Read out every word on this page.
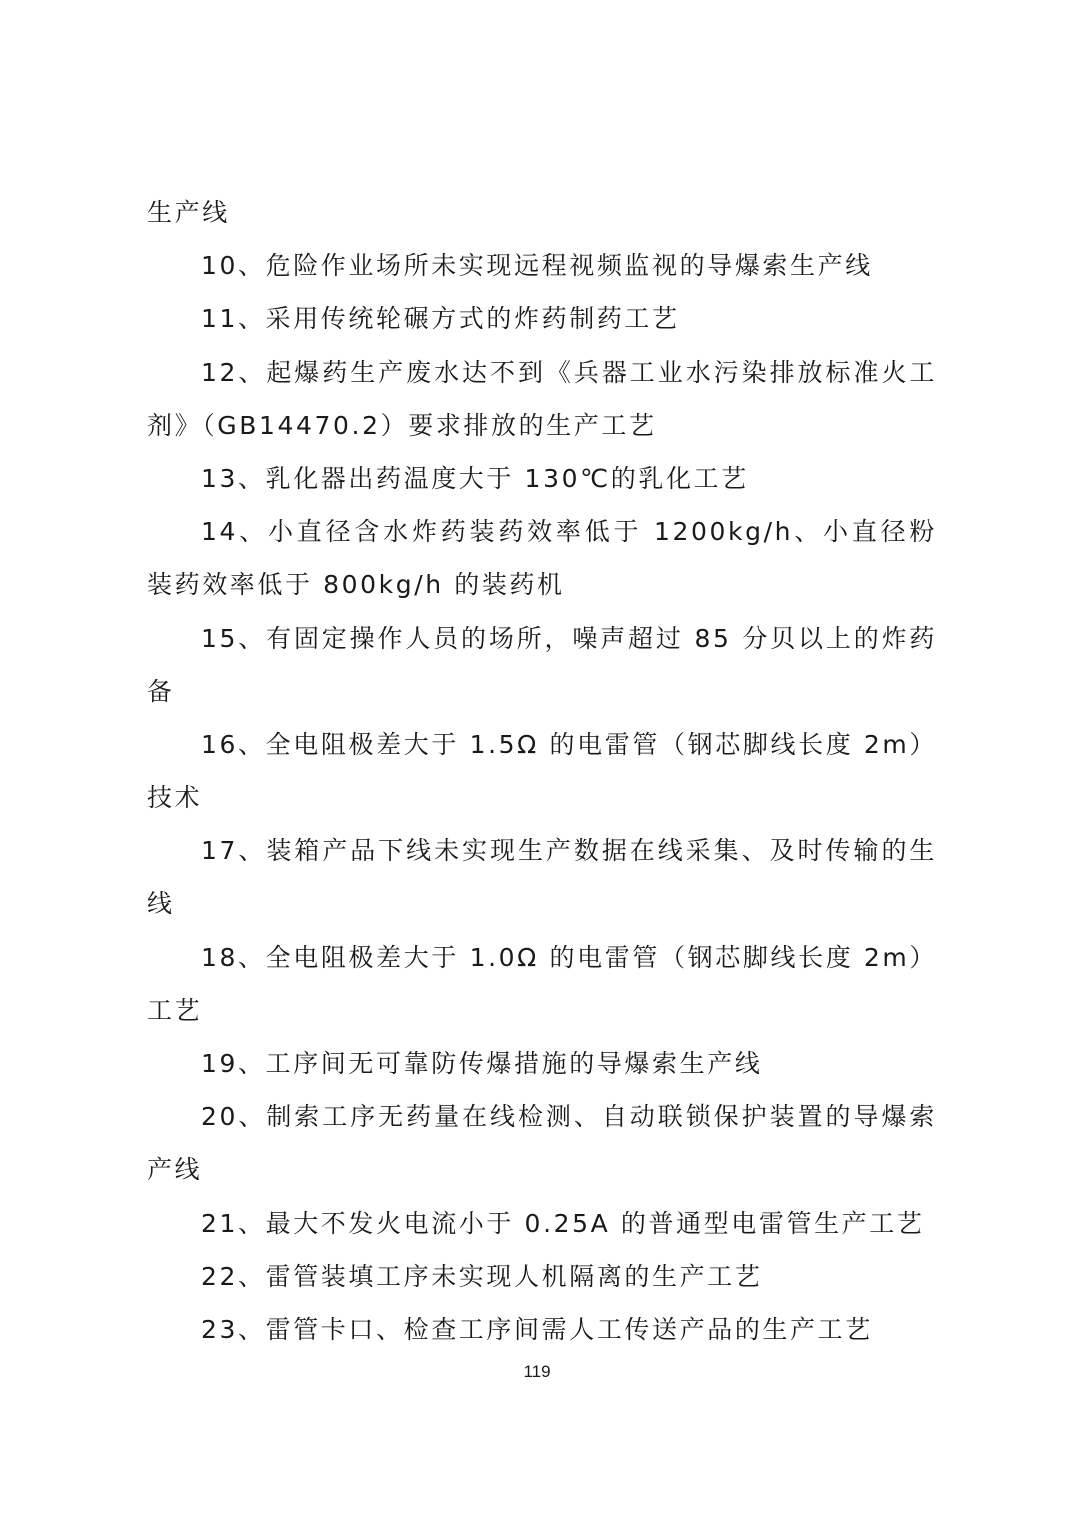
生产线
10、危险作业场所未实现远程视频监视的导爆索生产线
11、采用传统轮碾方式的炸药制药工艺
12、起爆药生产废水达不到《兵器工业水污染排放标准火工
剂》（GB14470.2）要求排放的生产工艺
13、乳化器出药温度大于 130℃的乳化工艺
14、小直径含水炸药装药效率低于 1200kg/h、小直径粉
装药效率低于 800kg/h 的装药机
15、有固定操作人员的场所，噪声超过 85 分贝以上的炸药
备
16、全电阻极差大于 1.5Ω 的电雷管（钢芯脚线长度 2m）
技术
17、装箱产品下线未实现生产数据在线采集、及时传输的生
线
18、全电阻极差大于 1.0Ω 的电雷管（钢芯脚线长度 2m）
工艺
19、工序间无可靠防传爆措施的导爆索生产线
20、制索工序无药量在线检测、自动联锁保护装置的导爆索
产线
21、最大不发火电流小于 0.25A 的普通型电雷管生产工艺
22、雷管装填工序未实现人机隔离的生产工艺
23、雷管卡口、检查工序间需人工传送产品的生产工艺
119
